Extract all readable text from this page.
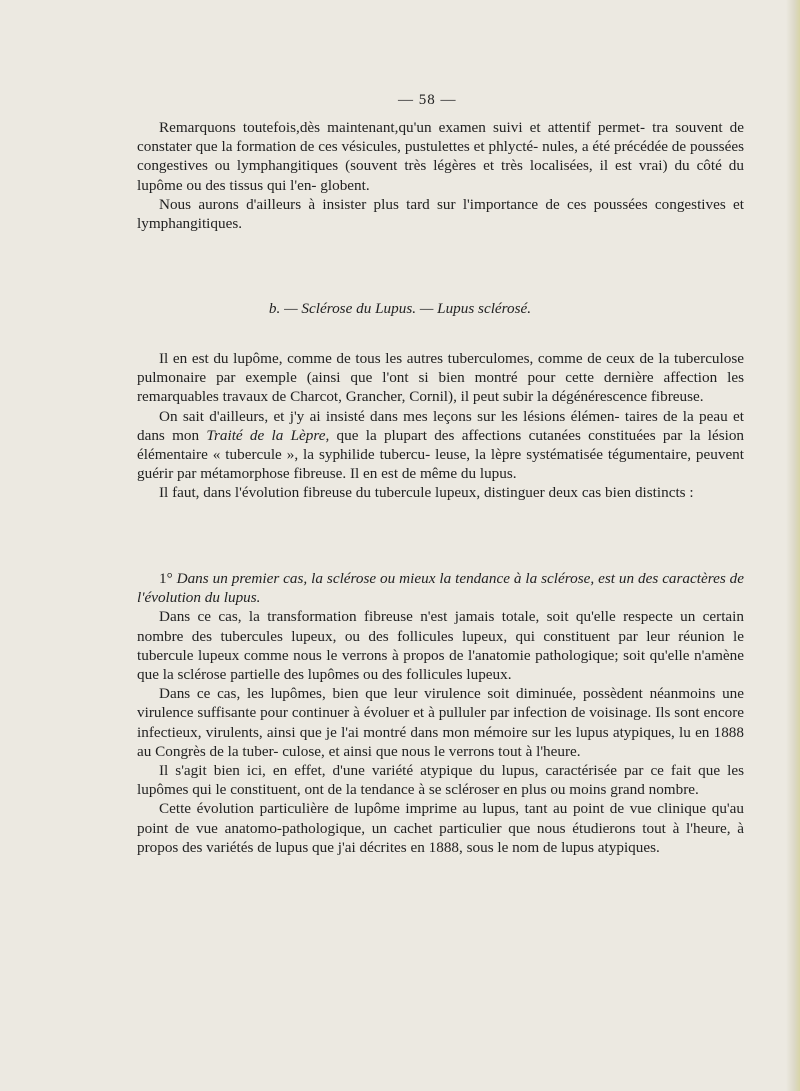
— 58 —

Remarquons toutefois,dès maintenant,qu'un examen suivi et attentif permet- tra souvent de constater que la formation de ces vésicules, pustulettes et phlycté- nules, a été précédée de poussées congestives ou lymphangitiques (souvent très légères et très localisées, il est vrai) du côté du lupôme ou des tissus qui l'en- globent.

Nous aurons d'ailleurs à insister plus tard sur l'importance de ces poussées congestives et lymphangitiques.

b. — Sclérose du Lupus. — Lupus sclérosé.

Il en est du lupôme, comme de tous les autres tuberculomes, comme de ceux de la tuberculose pulmonaire par exemple (ainsi que l'ont si bien montré pour cette dernière affection les remarquables travaux de Charcot, Grancher, Cornil), il peut subir la dégénérescence fibreuse.

On sait d'ailleurs, et j'y ai insisté dans mes leçons sur les lésions élémen- taires de la peau et dans mon Traité de la Lèpre, que la plupart des affections cutanées constituées par la lésion élémentaire « tubercule », la syphilide tubercu- leuse, la lèpre systématisée tégumentaire, peuvent guérir par métamorphose fibreuse. Il en est de même du lupus.

Il faut, dans l'évolution fibreuse du tubercule lupeux, distinguer deux cas bien distincts :

1° Dans un premier cas, la sclérose ou mieux la tendance à la sclérose, est un des caractères de l'évolution du lupus.

Dans ce cas, la transformation fibreuse n'est jamais totale, soit qu'elle respecte un certain nombre des tubercules lupeux, ou des follicules lupeux, qui constituent par leur réunion le tubercule lupeux comme nous le verrons à propos de l'anatomie pathologique; soit qu'elle n'amène que la sclérose partielle des lupômes ou des follicules lupeux.

Dans ce cas, les lupômes, bien que leur virulence soit diminuée, possèdent néanmoins une virulence suffisante pour continuer à évoluer et à pulluler par infection de voisinage. Ils sont encore infectieux, virulents, ainsi que je l'ai montré dans mon mémoire sur les lupus atypiques, lu en 1888 au Congrès de la tuber- culose, et ainsi que nous le verrons tout à l'heure.

Il s'agit bien ici, en effet, d'une variété atypique du lupus, caractérisée par ce fait que les lupômes qui le constituent, ont de la tendance à se scléroser en plus ou moins grand nombre.

Cette évolution particulière de lupôme imprime au lupus, tant au point de vue clinique qu'au point de vue anatomo-pathologique, un cachet particulier que nous étudierons tout à l'heure, à propos des variétés de lupus que j'ai décrites en 1888, sous le nom de lupus atypiques.
